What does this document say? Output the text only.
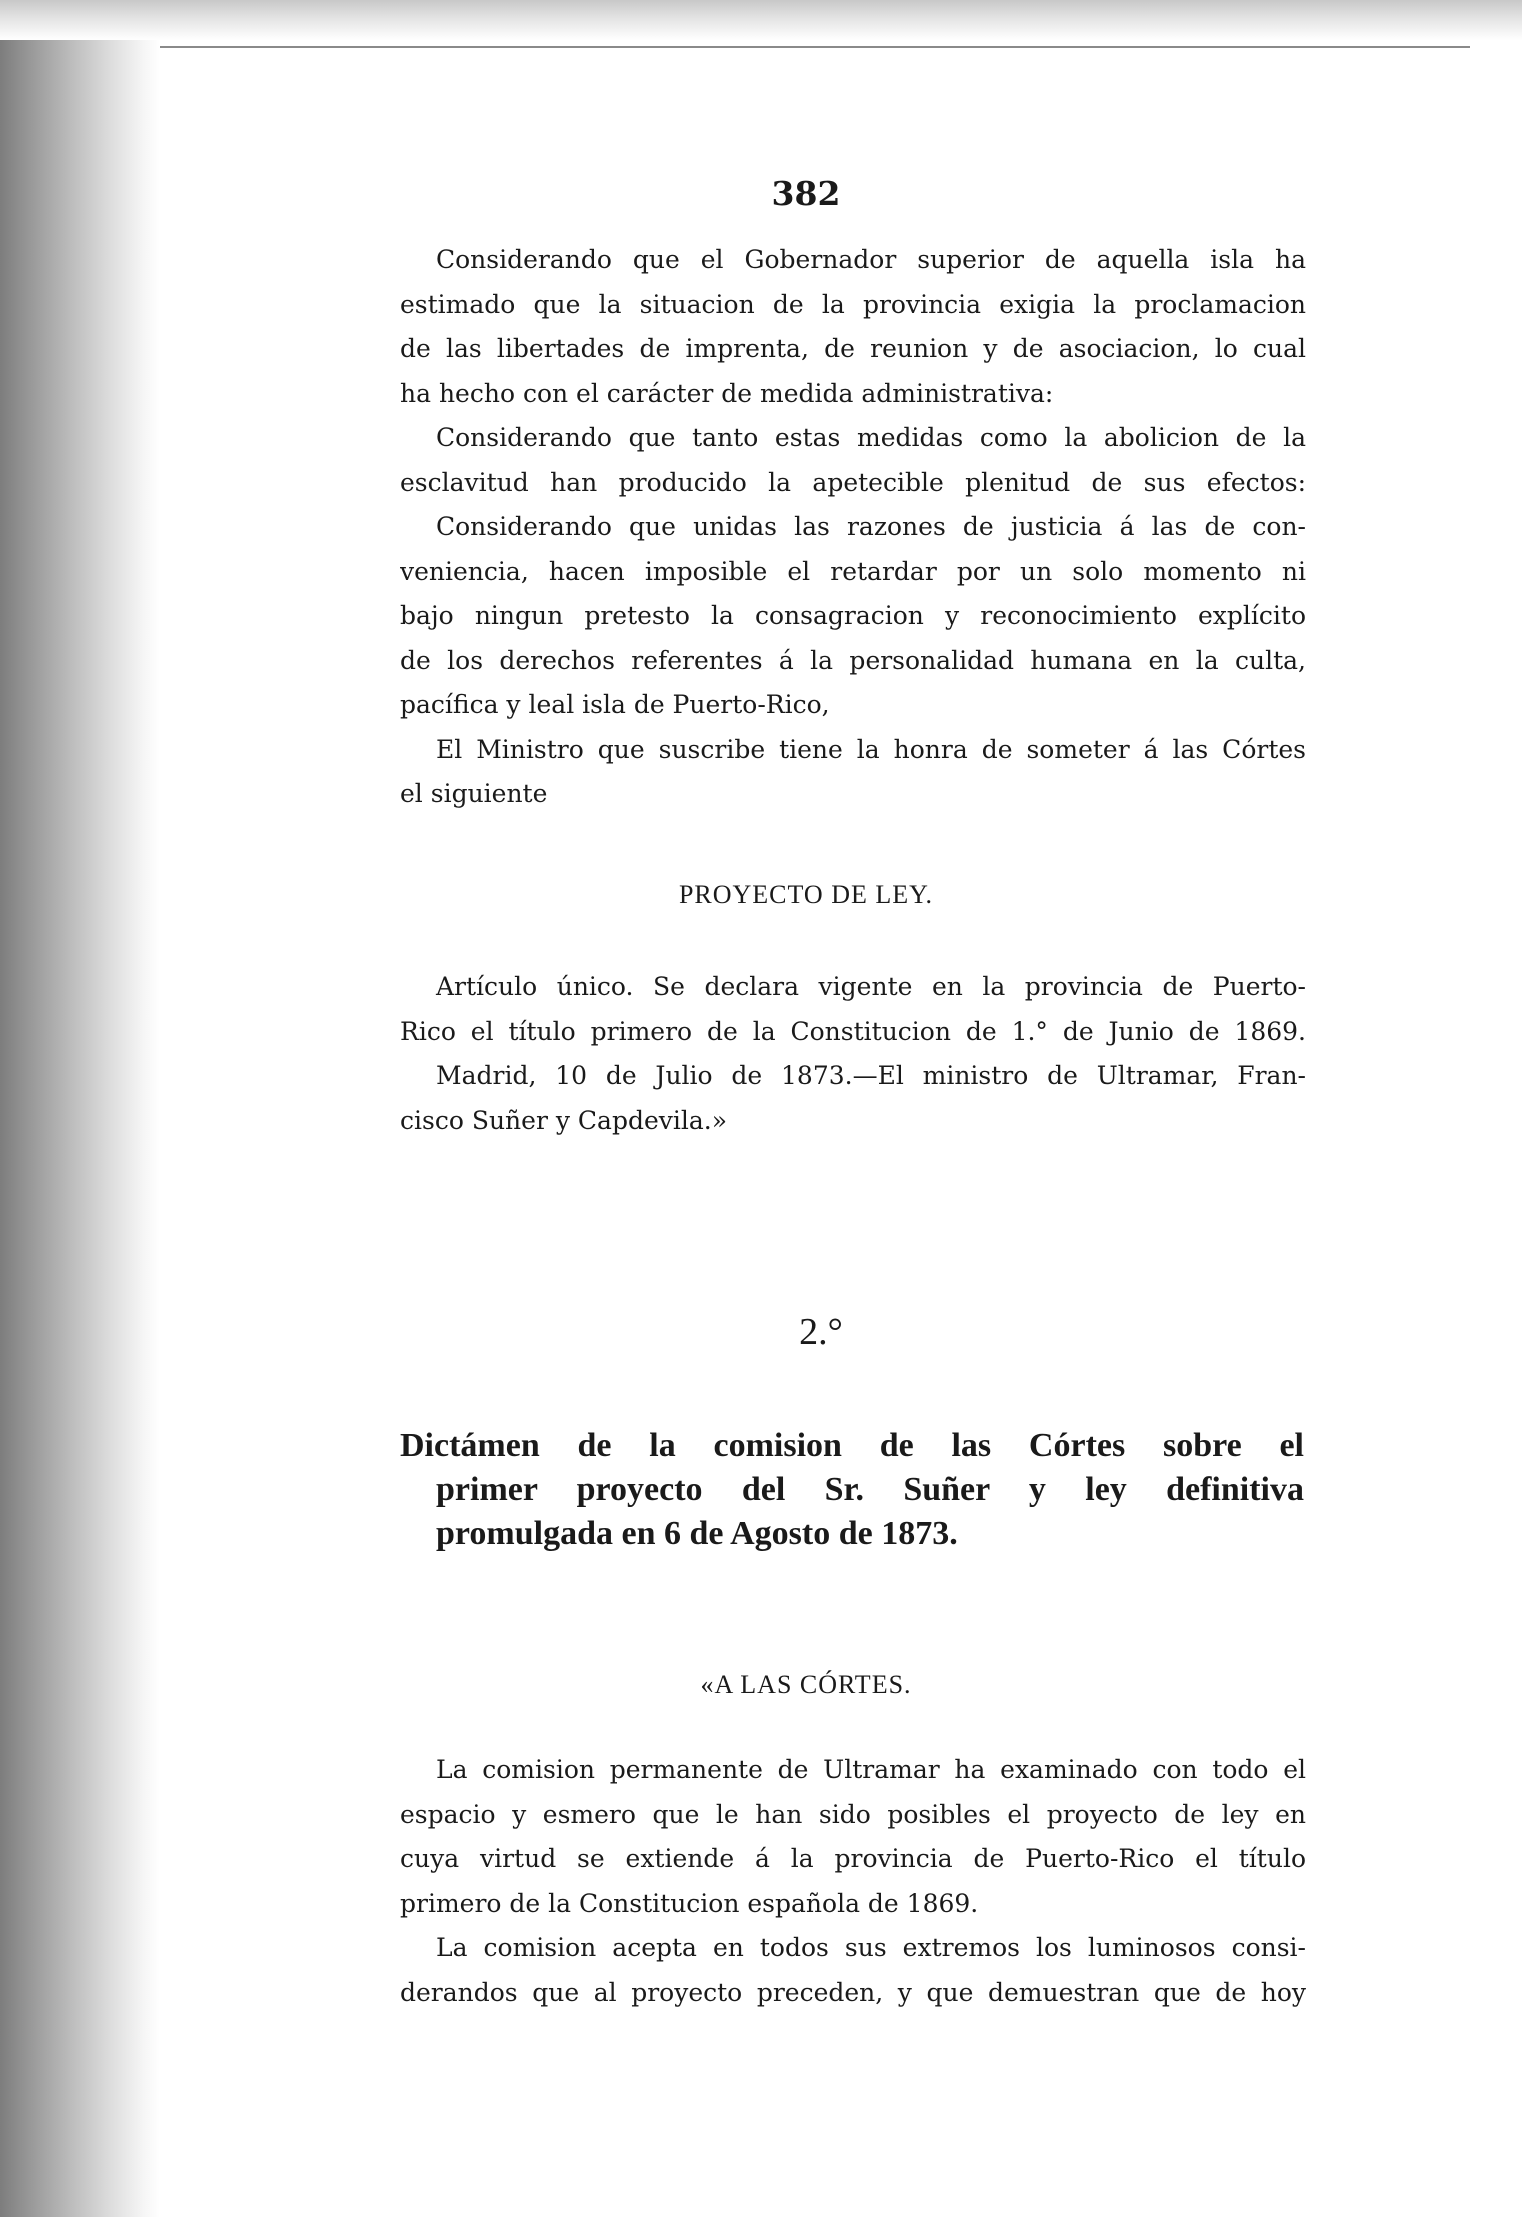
382
Considerando que el Gobernador superior de aquella isla ha
estimado que la situacion de la provincia exigia la proclamacion
de las libertades de imprenta, de reunion y de asociacion, lo cual
ha hecho con el carácter de medida administrativa:
Considerando que tanto estas medidas como la abolicion de la
esclavitud han producido la apetecible plenitud de sus efectos:
Considerando que unidas las razones de justicia á las de con-
veniencia, hacen imposible el retardar por un solo momento ni
bajo ningun pretesto la consagracion y reconocimiento explícito
de los derechos referentes á la personalidad humana en la culta,
pacífica y leal isla de Puerto-Rico,
El Ministro que suscribe tiene la honra de someter á las Córtes
el siguiente
PROYECTO DE LEY.
Artículo único. Se declara vigente en la provincia de Puerto-
Rico el título primero de la Constitucion de 1.° de Junio de 1869.
Madrid, 10 de Julio de 1873.—El ministro de Ultramar, Fran-
cisco Suñer y Capdevila.»
2.°
Dictámen de la comision de las Córtes sobre el
primer proyecto del Sr. Suñer y ley definitiva
promulgada en 6 de Agosto de 1873.
«A LAS CÓRTES.
La comision permanente de Ultramar ha examinado con todo el
espacio y esmero que le han sido posibles el proyecto de ley en
cuya virtud se extiende á la provincia de Puerto-Rico el título
primero de la Constitucion española de 1869.
La comision acepta en todos sus extremos los luminosos consi-
derandos que al proyecto preceden, y que demuestran que de hoy
